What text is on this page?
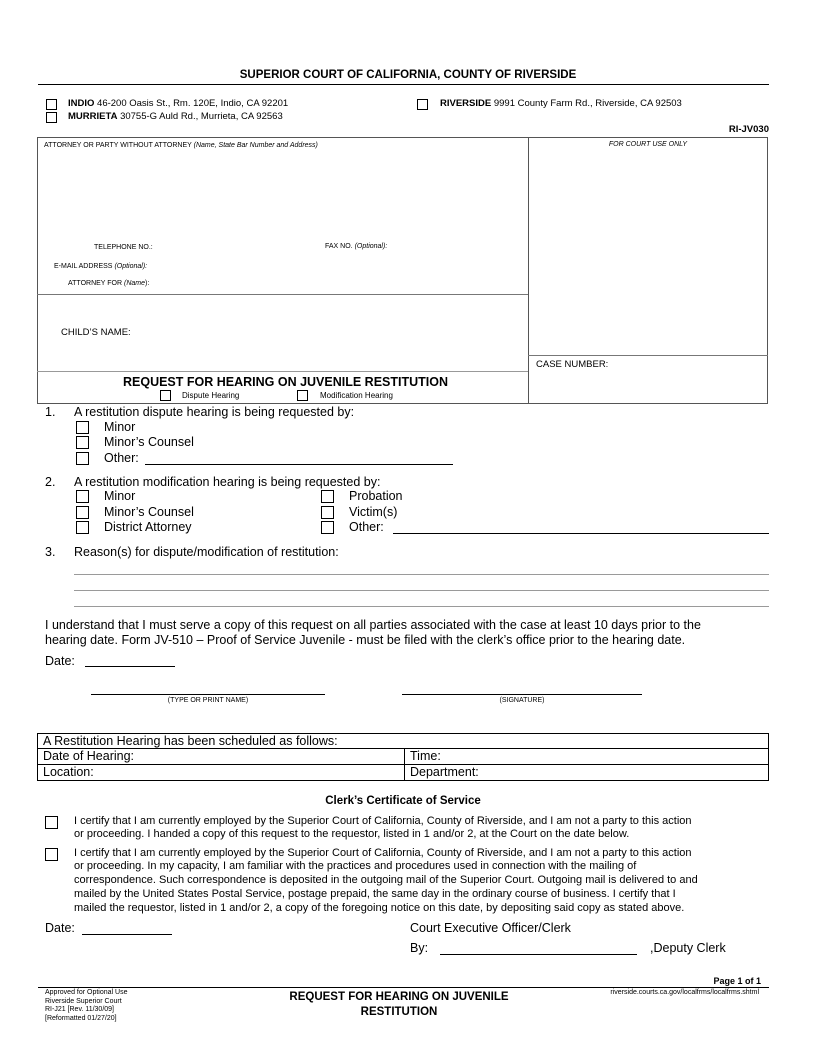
SUPERIOR COURT OF CALIFORNIA, COUNTY OF RIVERSIDE
INDIO 46-200 Oasis St., Rm. 120E, Indio, CA 92201
MURRIETA 30755-G Auld Rd., Murrieta, CA 92563
RIVERSIDE 9991 County Farm Rd., Riverside, CA 92503
RI-JV030
ATTORNEY OR PARTY WITHOUT ATTORNEY (Name, State Bar Number and Address)	FOR COURT USE ONLY
TELEPHONE NO.:	FAX NO. (Optional):
E-MAIL ADDRESS (Optional):
ATTORNEY FOR (Name):
CHILD’S NAME:
CASE NUMBER:
REQUEST FOR HEARING ON JUVENILE RESTITUTION
Dispute Hearing	Modification Hearing
1. A restitution dispute hearing is being requested by:
Minor
Minor’s Counsel
Other:
2. A restitution modification hearing is being requested by:
Minor
Minor’s Counsel
District Attorney
Probation
Victim(s)
Other:
3. Reason(s) for dispute/modification of restitution:
I understand that I must serve a copy of this request on all parties associated with the case at least 10 days prior to the
hearing date. Form JV-510 – Proof of Service Juvenile - must be filed with the clerk’s office prior to the hearing date.
Date:
(TYPE OR PRINT NAME)	(SIGNATURE)
A Restitution Hearing has been scheduled as follows:
Date of Hearing:	Time:
Location:	Department:
Clerk’s Certificate of Service
I certify that I am currently employed by the Superior Court of California, County of Riverside, and I am not a party to this action
or proceeding. I handed a copy of this request to the requestor, listed in 1 and/or 2, at the Court on the date below.
I certify that I am currently employed by the Superior Court of California, County of Riverside, and I am not a party to this action
or proceeding. In my capacity, I am familiar with the practices and procedures used in connection with the mailing of
correspondence. Such correspondence is deposited in the outgoing mail of the Superior Court. Outgoing mail is delivered to and
mailed by the United States Postal Service, postage prepaid, the same day in the ordinary course of business. I certify that I
mailed the requestor, listed in 1 and/or 2, a copy of the foregoing notice on this date, by depositing said copy as stated above.
Date:	Court Executive Officer/Clerk
By:	,Deputy Clerk
Page 1 of 1
Approved for Optional Use
Riverside Superior Court
RI-J21 [Rev. 11/30/09]
[Reformatted 01/27/20]
REQUEST FOR HEARING ON JUVENILE
RESTITUTION
riverside.courts.ca.gov/localfrms/localfrms.shtml
